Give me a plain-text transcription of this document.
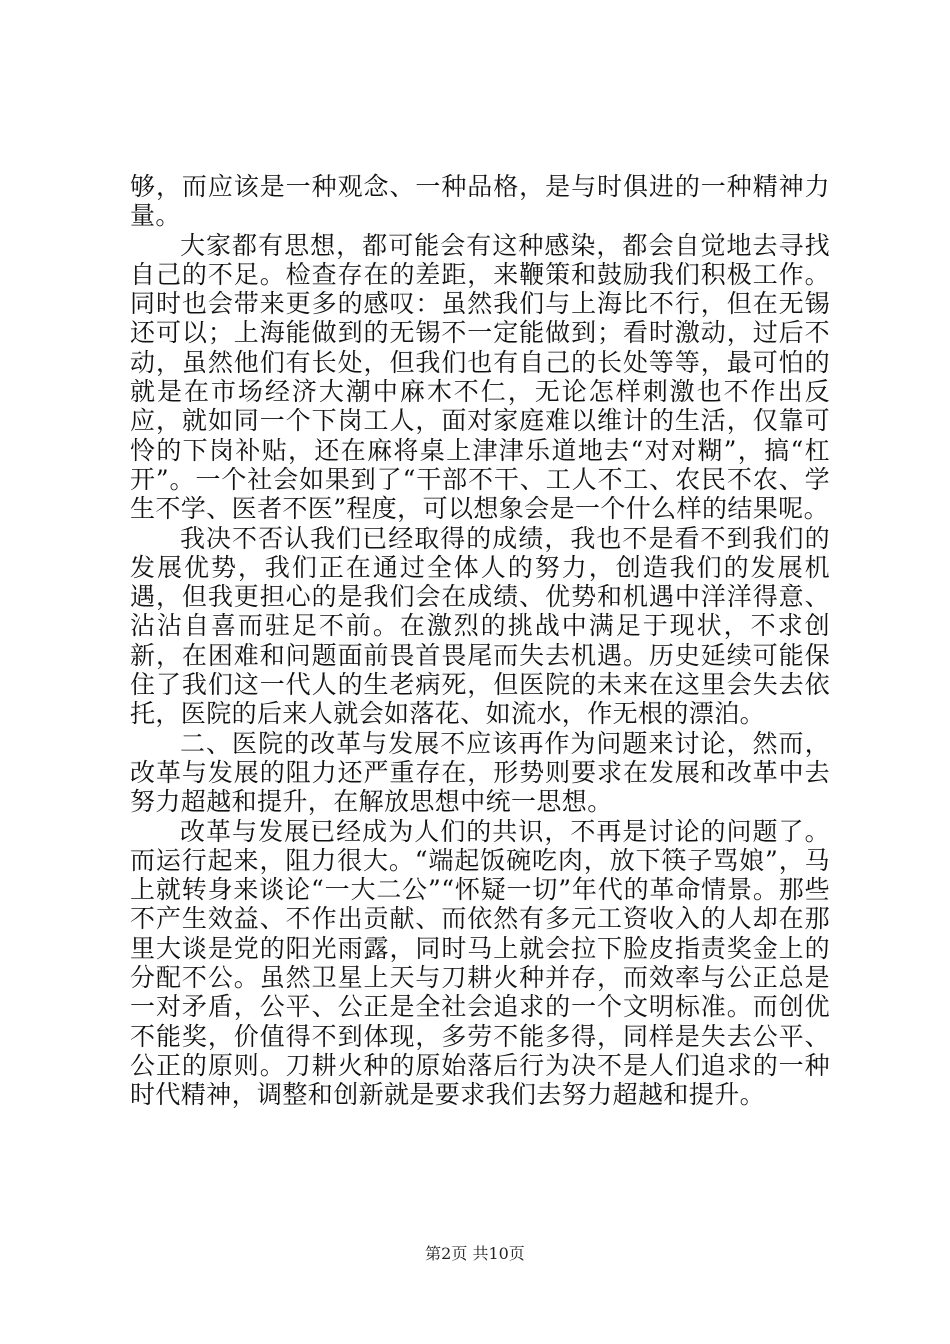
够，而应该是一种观念、一种品格，是与时俱进的一种精神力量。

大家都有思想，都可能会有这种感染，都会自觉地去寻找自己的不足。检查存在的差距，来鞭策和鼓励我们积极工作。同时也会带来更多的感叹：虽然我们与上海比不行，但在无锡还可以；上海能做到的无锡不一定能做到；看时激动，过后不动，虽然他们有长处，但我们也有自己的长处等等，最可怕的就是在市场经济大潮中麻木不仁，无论怎样刺激也不作出反应，就如同一个下岗工人，面对家庭难以维计的生活，仅靠可怜的下岗补贴，还在麻将桌上津津乐道地去“对对糊”，搞“杠开”。一个社会如果到了“干部不干、工人不工、农民不农、学生不学、医者不医”程度，可以想象会是一个什么样的结果呢。

我决不否认我们已经取得的成绩，我也不是看不到我们的发展优势，我们正在通过全体人的努力，创造我们的发展机遇，但我更担心的是我们会在成绩、优势和机遇中洋洋得意、沾沾自喜而驻足不前。在激烈的挑战中满足于现状，不求创新，在困难和问题面前畏首畏尾而失去机遇。历史延续可能保住了我们这一代人的生老病死，但医院的未来在这里会失去依托，医院的后来人就会如落花、如流水，作无根的漂泊。

二、医院的改革与发展不应该再作为问题来讨论，然而，改革与发展的阻力还严重存在，形势则要求在发展和改革中去努力超越和提升，在解放思想中统一思想。

改革与发展已经成为人们的共识，不再是讨论的问题了。而运行起来，阻力很大。“端起饭碗吃肉，放下筷子骂娘”，马上就转身来谈论“一大二公”“怀疑一切”年代的革命情景。那些不产生效益、不作出贡献、而依然有多元工资收入的人却在那里大谈是党的阳光雨露，同时马上就会拉下脸皮指责奖金上的分配不公。虽然卫星上天与刀耕火种并存，而效率与公正总是一对矛盾，公平、公正是全社会追求的一个文明标准。而创优不能奖，价值得不到体现，多劳不能多得，同样是失去公平、公正的原则。刀耕火种的原始落后行为决不是人们追求的一种时代精神，调整和创新就是要求我们去努力超越和提升。

第2页 共10页
